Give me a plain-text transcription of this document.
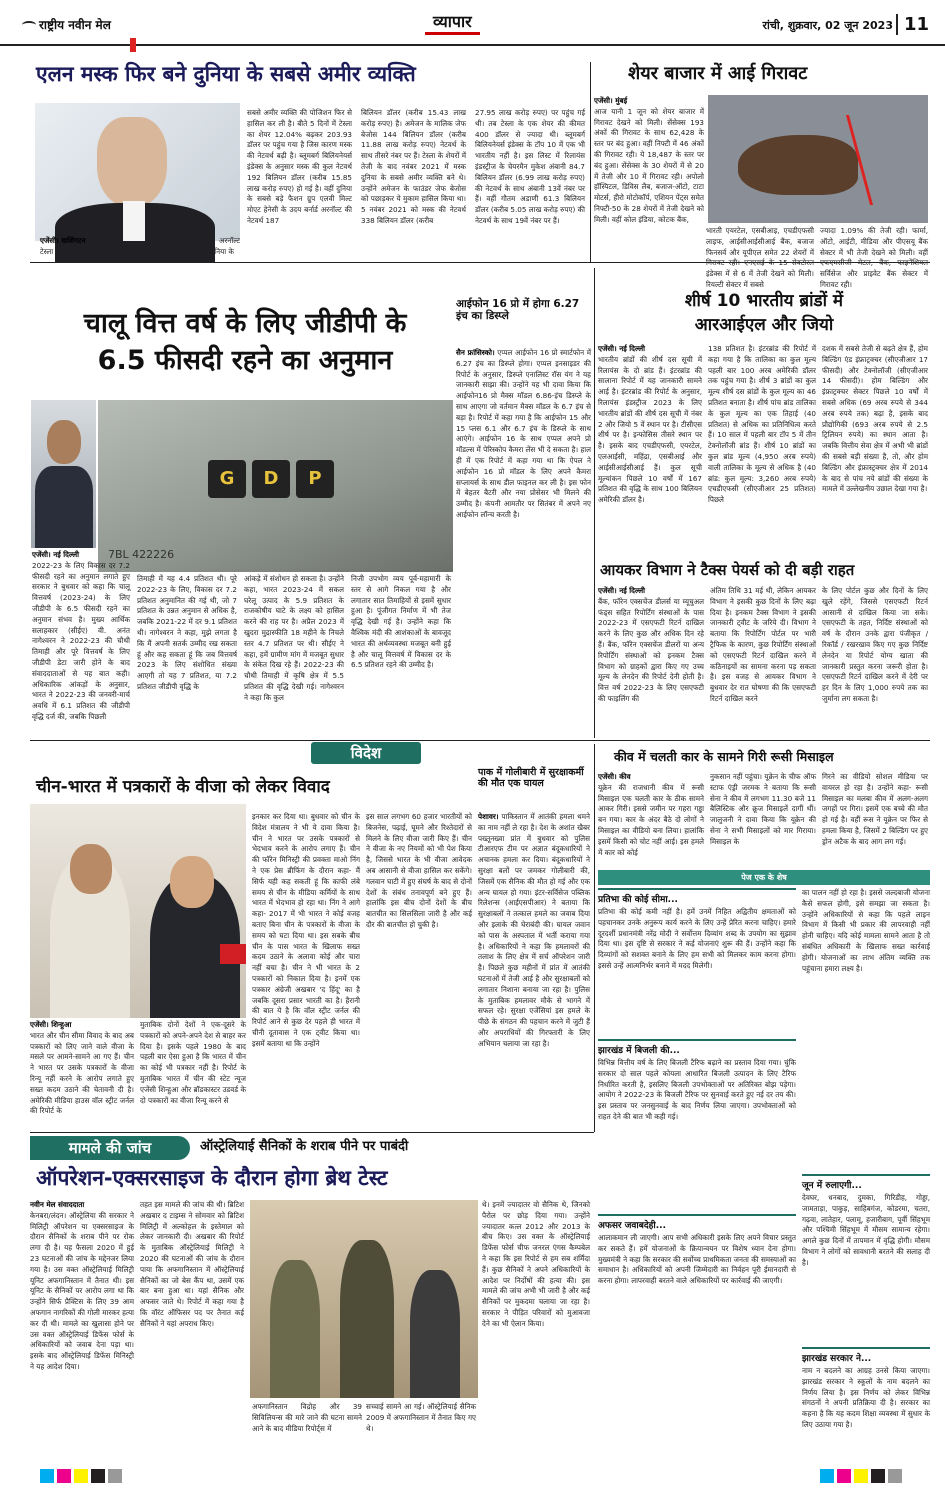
राष्ट्रीय नवीन मेल	व्यापार	रांची, शुक्रवार, 02 जून 2023 11
एलन मस्क फिर बने दुनिया के सबसे अमीर व्यक्ति
एजेंसी। वाशिंगटन
टेस्ला के फाउंडर एलन मस्क
ने फ्रांस के बर्नार्ड अरनॉल्ट को पीछे छोड़कर दुनिया के
सबसे अमीर व्यक्ति की पोजिशन फिर से हासिल कर ली है। बीते 5 दिनों में टेस्ला का शेयर 12.04% बढ़कर 203.93 डॉलर पर पहुंच गया है जिस कारण मस्क की नेटवर्थ बढ़ी है। ब्लूमबर्ग बिलियनेयर्स इंडेक्स के अनुसार मस्क की कुल नेटवर्थ 192 बिलियन डॉलर (करीब 15.85 लाख करोड़ रुपए) हो गई है। वहीं दुनिया के सबसे बड़े फैशन ग्रुप एलवी मिल्ट मोएट हेनेसी के उदय बर्नार्ड अरनॉल्ट की नेटवर्थ 187
बिलियन डॉलर (करीब 15.43 लाख करोड़ रुपए) है। अमेजन के मालिक जेफ बेजोस 144 बिलियन डॉलर (करीब 11.88 लाख करोड़ रुपए) नेटवर्थ के साथ तीसरे नंबर पर हैं। टेस्ला के शेयरों में तेजी के बाद नवंबर 2021 में मस्क दुनिया के सबसे अमीर व्यक्ति बने थे। उन्होंने अमेजन के फाउंडर जेफ बेजोस को पछाड़कर ये मुकाम हासिल किया था। 5 नवंबर 2021 को मस्क की नेटवर्थ 338 बिलियन डॉलर (करीब
27.95 लाख करोड़ रुपए) पर पहुंच गई थी। तब टेस्ला के एक शेयर की कीमत 400 डॉलर से ज्यादा थी। ब्लूमबर्ग बिलियनेयर्स इंडेक्स के टॉप 10 में एक भी भारतीय नहीं है। इस लिस्ट में रिलायंस इंडस्ट्रीज के चेयरमैन मुकेश अंबानी 84.7 बिलियन डॉलर (6.99 लाख करोड़ रुपए) की नेटवर्थ के साथ अंबानी 13वें नंबर पर हैं। वहीं गौतम अडाणी 61.3 बिलियन डॉलर (करीब 5.05 लाख करोड़ रुपए) की नेटवर्थ के साथ 19वें नंबर पर हैं।
शेयर बाजार में आई गिरावट
एजेंसी। मुंबई
आज यानी 1 जून को शेयर बाजार में गिरावट देखने को मिली। सेंसेक्स 193 अंकों की गिरावट के साथ 62,428 के स्तर पर बंद हुआ। वहीं निफ्टी में 46 अंकों की गिरावट रही। ये 18,487 के स्तर पर बंद हुआ। सेंसेक्स के 30 शेयरों में से 20 में तेजी और 10 में गिरावट रही। अपोलो हॉस्पिटल, डिविस लैब, बजाज-ऑटो, टाटा मोटर्स, हीरो मोटोकॉर्प, एशियन पेंट्स समेत निफ्टी-50 के 28 शेयरों में तेजी देखने को मिली। वहीं कोल इंडिया, कोटक बैंक,
भारती एयरटेल, एसबीआइ, एचडीएफसी लाइफ, आईसीआईसीआई बैंक, बजाज फिनसर्व और यूपीएल समेत 22 शेयरों में इंडेक्स में से 6 में तेजी देखने को मिली। रियल्टी सेक्टर में सबसे
ज्यादा 1.09% की तेजी रही। फार्मा, ऑटो, आईटी, मीडिया और पीएसयू बैंक सेक्टर में भी तेजी देखने को मिली। वहीं सर्विसेज और प्राइवेट बैंक सेक्टर में गिरावट रही।
चालू वित्त वर्ष के लिए जीडीपी के
6.5 फीसदी रहने का अनुमान
G D P
7BL 422226
एजेंसी। नई दिल्ली
2022-23 के लिए विकास दर 7.2 फीसदी रहने का अनुमान लगाते हुए सरकार ने बुधवार को कहा कि चालू वित्तवर्ष (2023-24) के लिए जीडीपी के 6.5 फीसदी रहने का अनुमान संभव है। मुख्य आर्थिक सलाहकार (सीईए) वी. अनंत नागेश्वरन ने 2022-23 की चौथी तिमाही और पूरे वित्तवर्ष के लिए जीडीपी डेटा जारी होने के बाद संवाददाताओं से यह बात कही। अधिकारिक आंकड़ों के अनुसार, भारत ने 2022-23 की जनवरी-मार्च अवधि में 6.1 प्रतिशत की जीडीपी वृद्धि दर्ज की, जबकि पिछली
तिमाही में यह 4.4 प्रतिशत थी। पूरे 2022-23 के लिए, विकास दर 7.2 प्रतिशत अनुमानित की गई थी, जो 7 प्रतिशत के उन्नत अनुमान से अधिक है, जबकि 2021-22 में दर 9.1 प्रतिशत थी। नागेश्वरन ने कहा, मुझे लगता है कि मैं अपनी सतर्क उम्मीद रख सकता हूं और कह सकता हूं कि जब वित्तवर्ष 2023 के लिए संशोधित संख्या आएगी तो यह 7 प्रतिशत, या 7.2 प्रतिशत जीडीपी वृद्धि के
आंकड़े में संशोधन हो सकता है। उन्होंने कहा, भारत 2023-24 में सकल घरेलू उत्पाद के 5.9 प्रतिशत के राजकोषीय घाटे के लक्ष्य को हासिल करने की राह पर है। अप्रैल 2023 में खुदरा मुद्रास्फीति 18 महीने के निचले स्तर 4.7 प्रतिशत पर थी। सीईए ने कहा, हमें ग्रामीण मांग में मजबूत सुधार के संकेत दिख रहे हैं। 2022-23 की चौथी तिमाही में कृषि क्षेत्र में 5.5 प्रतिशत की वृद्धि देखी गई। नागेश्वरन ने कहा कि कुल
निजी उपभोग व्यय पूर्व-महामारी के स्तर से आगे निकल गया है और लगातार सात तिमाहियों से इसमें सुधार हुआ है। पूंजीगत निर्माण में भी तेज वृद्धि देखी गई है। उन्होंने कहा कि वैश्विक मंदी की आशंकाओं के बावजूद भारत की अर्थव्यवस्था मजबूत बनी हुई है और चालू वित्तवर्ष में विकास दर के 6.5 प्रतिशत रहने की उम्मीद है।
आईफोन 16 प्रो में होगा 6.27 इंच का डिस्प्ले
सैन फ्रांसिस्को। एप्पल आईफोन 16 प्रो स्मार्टफोन में 6.27 इंच का डिस्प्ले होगा। एप्पल इनसाइडर की रिपोर्ट के अनुसार, डिस्प्ले एनालिस्ट रॉस यंग ने यह जानकारी साझा की। उन्होंने यह भी दावा किया कि आईफोन16 प्रो मैक्स मॉडल 6.86-इंच डिस्प्ले के साथ आएगा जो वर्तमान मैक्स मॉडल के 6.7 इंच से बड़ा है। रिपोर्ट में कहा गया है कि आईफोन 15 और 15 प्लस 6.1 और 6.7 इंच के डिस्प्ले के साथ आएंगे। आईफोन 16 के साथ एप्पल अपने प्रो मॉडल्स में पेरिस्कोप कैमरा लेंस भी दे सकता है। हाल ही में एक रिपोर्ट में कहा गया था कि ऐपल ने आईफोन 16 प्रो मॉडल के लिए अपने कैमरा सप्लायर्स के साथ डील फाइनल कर ली है। इस फोन में बेहतर बैटरी और नया प्रोसेसर भी मिलने की उम्मीद है। कंपनी आमतौर पर सितंबर में अपने नए आईफोन लॉन्च करती है।
शीर्ष 10 भारतीय ब्रांडों में
आरआईएल और जियो
एजेंसी। नई दिल्ली
भारतीय ब्रांडों की शीर्ष दस सूची में रिलायंस के दो ब्रांड हैं। इंटरब्रांड की सालाना रिपोर्ट में यह जानकारी सामने आई है। इंटरब्रांड की रिपोर्ट के अनुसार, रिलायंस इंडस्ट्रीज 2023 के लिए भारतीय ब्रांडों की शीर्ष दस सूची में नंबर 2 और जियो 5 वें स्थान पर है। टीसीएस शीर्ष पर है। इन्फोसिस तीसरे स्थान पर है। इसके बाद एचडीएफसी, एयरटेल, एलआईसी, महिंद्रा, एसबीआई और आईसीआईसीआई हैं। कुल सूची मूल्यांकन पिछले 10 वर्षों में 167 प्रतिशत की वृद्धि के साथ 100 बिलियन अमेरिकी डॉलर है।
138 प्रतिशत है। इंटरब्रांड की रिपोर्ट में कहा गया है कि तालिका का कुल मूल्य पहली बार 100 अरब अमेरिकी डॉलर तक पहुंच गया है। शीर्ष 3 ब्रांडों का कुल मूल्य शीर्ष दस ब्रांडों के कुल मूल्य का 46 प्रतिशत बनाता है। शीर्ष पांच ब्रांड तालिका के कुल मूल्य का एक तिहाई (40 प्रतिशत) से अधिक का प्रतिनिधित्व करते हैं। 10 साल में पहली बार टॉप 5 में तीन टेक्नोलॉजी ब्रांड हैं। शीर्ष 10 ब्रांडों का कुल ब्रांड मूल्य (4,950 अरब रुपये) वाली तालिका के मूल्य से अधिक है (40 ब्रांड: कुल मूल्य: 3,260 अरब रुपये) एचडीएफसी (सीएजीआर 25 प्रतिशत) पिछले
दशक में सबसे तेजी से बढ़ते क्षेत्र हैं, होम बिल्डिंग एंड इंफ्राट्रक्चर (सीएजीआर 17 फीसदी) और टेक्नोलॉजी (सीएजीआर 14 फीसदी)। होम बिल्डिंग और इंफ्राट्रक्चर सेक्टर पिछले 10 वर्षों में सबसे अधिक (69 अरब रुपये से 344 अरब रुपये तक) बढ़ा है, इसके बाद प्रौद्योगिकी (693 अरब रुपये से 2.5 ट्रिलियन रुपये) का स्थान आता है। जबकि वित्तीय सेवा क्षेत्र में अभी भी ब्रांडों की सबसे बड़ी संख्या है, तो, और होम बिल्डिंग और इंफ्रास्ट्रक्चर क्षेत्र में 2014 के बाद से पांच नये ब्रांडों की संख्या के मामले में उल्लेखनीय उछाल देखा गया है।
आयकर विभाग ने टैक्स पेयर्स को दी बड़ी राहत
एजेंसी। नई दिल्ली
बैंक, फॉरेन एक्सचेंज डीलर्स या म्यूचुअल फंड्स सहित रिपोर्टिंग संस्थाओं के पास 2022-23 में एसएफटी रिटर्न दाखिल करने के लिए कुछ और अधिक दिन रहे हैं। बैंक, फॉरेन एक्सचेंज डीलरों या अन्य रिपोर्टिंग संस्थाओं को इनकम टैक्स विभाग को ग्राहकों द्वारा किए गए उच्च मूल्य के लेनदेन की रिपोर्ट देनी होती है। वित्त वर्ष 2022-23 के लिए एसएफटी की फाइलिंग की
अंतिम तिथि 31 मई थी, लेकिन आयकर विभाग ने इसकी कुछ दिनों के लिए बढ़ा दिया है। इनकम टैक्स विभाग ने इसकी जानकारी ट्वीट के जरिये दी। विभाग ने बताया कि रिपोर्टिंग पोर्टल पर भारी ट्रैफिक के कारण, कुछ रिपोर्टिंग संस्थाओं को एसएफटी रिटर्न दाखिल करने में कठिनाइयों का सामना करना पड़ सकता है। इस वजह से आयकर विभाग ने बुधवार देर रात घोषणा की कि एसएफटी रिटर्न दाखिल करने
के लिए पोर्टल कुछ और दिनों के लिए खुले रहेंगे, जिससे एसएफटी रिटर्न आसानी से दाखिल किया जा सके। एसएफटी के तहत, निर्दिष्ट संस्थाओं को वर्ष के दौरान उनके द्वारा पंजीकृत / रिकॉर्ड / रखरखाव किए गए कुछ निर्दिष्ट लेनदेन या रिपोर्ट योग्य खाता की जानकारी प्रस्तुत करना जरूरी होता है। एसएफटी रिटर्न दाखिल करने में देरी पर हर दिन के लिए 1,000 रुपये तक का जुर्माना लग सकता है।
विदेश
चीन-भारत में पत्रकारों के वीजा को लेकर विवाद
एजेंसी। शिन्हुआ
भारत और चीन सीमा विवाद के बाद अब पत्रकारों को लिए जाने वाले वीजा के मसले पर आमने-सामने आ गए हैं। चीन ने भारत पर उसके पत्रकारों के वीजा रिन्यू नहीं करने के आरोप लगाते हुए सख्त कदम उठाने की चेतावनी दी है। अमेरिकी मीडिया हाउस वॉल स्ट्रीट जर्नल की रिपोर्ट के
मुताबिक दोनों देशों ने एक-दूसरे के पत्रकारों को अपने-अपने देश से बाहर कर दिया है। इसके पहले 1980 के बाद पहली बार ऐसा हुआ है कि भारत में चीन का कोई भी पत्रकार नहीं है। रिपोर्ट के मुताबिक भारत में चीन की स्टेट न्यूज एजेंसी शिन्हुआ और ब्रॉडकास्टर उडवर्ड के दो पत्रकारों का वीजा रिन्यू करने से
इनकार कर दिया था। बुधवार को चीन के विदेश मंत्रालय ने भी ये दावा किया है। चीन ने भारत पर उसके पत्रकारों से भेदभाव करने के आरोप लगाए हैं। चीन की फॉरेन मिनिस्ट्री की प्रवक्ता माओ निंग ने एक प्रेस ब्रीफिंग के दौरान कहा- मैं सिर्फ यही कह सकती हूं कि काफी लंबे समय से चीन के मीडिया कर्मियों के साथ भारत में भेदभाव हो रहा था। निंग ने आगे कहा- 2017 में भी भारत ने कोई वजह बताए बिना चीन के पत्रकारों के वीजा के समय को घटा दिया था। इस सबके बीच चीन के पास भारत के खिलाफ सख्त कदम उठाने के अलावा कोई और चारा नहीं बचा है। चीन ने भी भारत के 2 पत्रकारों को निकाल दिया है। इनमें एक पत्रकार अंग्रेजी अखबार 'द हिंदू' का है जबकि दूसरा प्रसार भारती का है। हैरानी की बात ये है कि वॉल स्ट्रीट जर्नल की रिपोर्ट आने से कुछ देर पहले ही भारत में चीनी दूतावास ने एक ट्वीट किया था। इसमें बताया था कि उन्होंने
इस साल लगभग 60 हजार भारतीयों को बिजनेस, पढ़ाई, घूमने और रिश्तेदारों से मिलने के लिए वीजा जारी किए हैं। चीन ने वीजा के नए नियमों को भी पेश किया है, जिससे भारत के भी वीजा आवेदक अब आसानी से वीजा हासिल कर सकेंगे। गलवान घाटी में हुए संघर्ष के बाद से दोनों देशों के संबंध तनावपूर्ण बने हुए हैं। हालांकि इस बीच दोनों देशों के बीच बातचीत का सिलसिला जारी है और कई दौर की बातचीत हो चुकी है।
पाक में गोलीबारी में सुरक्षाकर्मी की मौत एक घायल
पेशावर। पाकिस्तान में आतंकी हमला थमने का नाम नहीं ले रहा है। देश के अशांत खैबर पख्तूनख्वा प्रांत में बुधवार को पुलिस टीआरएफ टीम पर अज्ञात बंदूकधारियों ने अचानक हमला कर दिया। बंदूकधारियों ने सुरक्षा बलों पर जमकर गोलीबारी की, जिसमें एक सैनिक की मौत हो गई और एक अन्य घायल हो गया। इंटर-सर्विसेज पब्लिक रिलेशन्स (आईएसपीआर) ने बताया कि सुरक्षाबलों ने तत्काल हमले का जवाब दिया और इलाके की घेराबंदी की। घायल जवान को पास के अस्पताल में भर्ती कराया गया है। अधिकारियों ने कहा कि हमलावरों की तलाश के लिए क्षेत्र में सर्च ऑपरेशन जारी है। पिछले कुछ महीनों में प्रांत में आतंकी घटनाओं में तेजी आई है और सुरक्षाबलों को लगातार निशाना बनाया जा रहा है। पुलिस के मुताबिक हमलावर मौके से भागने में सफल रहे। सुरक्षा एजेंसियां इस हमले के पीछे के संगठन की पहचान करने में जुटी हैं और अपराधियों की गिरफ्तारी के लिए अभियान चलाया जा रहा है।
कीव में चलती कार के सामने गिरी रूसी मिसाइल
एजेंसी। कीव
यूक्रेन की राजधानी कीव में रूसी मिसाइल एक चलती कार के ठीक सामने आकर गिरी। इससे जमीन पर गहरा गड्ढा बन गया। कार के अंदर बैठे दो लोगों ने मिसाइल का वीडियो बना लिया। हालांकि इसमें किसी को चोट नहीं आई। इस हमले में कार को कोई
नुकसान नहीं पहुंचा। यूक्रेन के चीफ ऑफ स्टाफ एंड्री जरमक ने बताया कि रूसी सेना ने कीव में लगभग 11.30 बजे 11 बैलिस्टिक और क्रूज मिसाइलें दागीं थीं। जालुजनी ने दावा किया कि यूक्रेन की सेना ने सभी मिसाइलों को मार गिराया। मिसाइल के
गिरने का वीडियो सोशल मीडिया पर वायरल हो रहा है। उन्होंने कहा- रूसी मिसाइल का मलबा कीव में अलग-अलग जगहों पर गिरा। इसमें एक बच्चे की मौत हो गई है। वहीं रूस ने यूक्रेन पर फिर से हमला किया है, जिसमें 2 बिल्डिंग पर हुए ड्रोन अटैक के बाद आग लग गई।
पेज एक के शेष
प्रतिभा की कोई सीमा...
प्रतिभा की कोई कमी नहीं है। हमें उनमें निहित अद्वितीय क्षमताओं को पहचानकर उनके अनुरूप कार्य करने के लिए उन्हें प्रेरित करना चाहिए। हमारे दूरदर्शी प्रधानमंत्री नरेंद्र मोदी ने सर्वोत्तम दिव्यांग शब्द के उपयोग का सुझाव दिया था। इस दृष्टि से सरकार ने कई योजनाएं शुरू की हैं। उन्होंने कहा कि दिव्यांगों को सशक्त बनाने के लिए हम सभी को मिलकर काम करना होगा। इससे उन्हें आत्मनिर्भर बनाने में मदद मिलेगी।
झारखंड में बिजली की...
विभिन्न वित्तीय वर्ष के लिए बिजली टैरिफ बढ़ाने का प्रस्ताव दिया गया। चुंकि सरकार दो साल पहले कोयला आधारित बिजली उत्पादन के लिए टैरिफ निर्धारित करती है, इसलिए बिजली उपभोक्ताओं पर अतिरिक्त बोझ पड़ेगा। आयोग ने 2022-23 के बिजली टैरिफ पर सुनवाई करते हुए नई दर तय की। इस प्रस्ताव पर जनसुनवाई के बाद निर्णय लिया जाएगा। उपभोक्ताओं को राहत देने की बात भी कही गई।
अफसर जवाबदेही...
आलाकमान ली जाएगी। आप सभी अधिकारी इसके लिए अपने विचार प्रस्तुत कर सकते हैं। हमें योजनाओं के क्रियान्वयन पर विशेष ध्यान देना होगा। मुख्यमंत्री ने कहा कि सरकार की सर्वोच्च प्राथमिकता जनता की समस्याओं का समाधान है। अधिकारियों को अपनी जिम्मेदारी का निर्वहन पूरी ईमानदारी से करना होगा। लापरवाही बरतने वाले अधिकारियों पर कार्रवाई की जाएगी।
का पालन नहीं हो रहा है। इससे जल्दबाजी योजना कैसे सफल होगी, इसे समझा जा सकता है। उन्होंने अधिकारियों से कहा कि पहले लाइन विभाग में किसी भी प्रकार की लापरवाही नहीं होनी चाहिए। यदि कोई मामला सामने आता है तो संबंधित अधिकारी के खिलाफ सख्त कार्रवाई होगी। योजनाओं का लाभ अंतिम व्यक्ति तक पहुंचाना हमारा लक्ष्य है।
जून में रुलाएगी...
देवघर, धनबाद, दुमका, गिरिडीह, गोड्डा, जामताड़ा, पाकुड़, साहिबगंज, कोडरमा, चतरा, गढ़वा, लातेहार, पलामू, हजारीबाग, पूर्वी सिंहभूम और पश्चिमी सिंहभूम में मौसम सामान्य रहेगा। अगले कुछ दिनों में तापमान में वृद्धि होगी। मौसम विभाग ने लोगों को सावधानी बरतने की सलाह दी है।
झारखंड सरकार ने...
नाम न बदलने का आग्रह उनसे किया जाएगा। झारखंड सरकार ने स्कूलों के नाम बदलने का निर्णय लिया है। इस निर्णय को लेकर विभिन्न संगठनों ने अपनी प्रतिक्रिया दी है। सरकार का कहना है कि यह कदम शिक्षा व्यवस्था में सुधार के लिए उठाया गया है।
मामले की जांच	ऑस्ट्रेलियाई सैनिकों के शराब पीने पर पाबंदी
ऑपरेशन-एक्सरसाइज के दौरान होगा ब्रेथ टेस्ट
नवीन मेल संवाददाता
केनबरा/लंदन। ऑस्ट्रेलिया की सरकार ने मिलिट्री ऑपरेशन या एक्सरसाइज के दौरान सैनिकों के शराब पीने पर रोक लगा दी है। यह फैसला 2020 में हुई 23 घटनाओं की जांच के मद्देनजर लिया गया है। उस वक्त ऑस्ट्रेलियाई मिलिट्री यूनिट अफगानिस्तान में तैनात थी। इस यूनिट के सैनिकों पर आरोप लगा था कि उन्होंने सिर्फ प्रैक्टिस के लिए 39 आम अफगान नागरिकों की गोली मारकर हत्या कर दी थी। मामले का खुलासा होने पर उस वक्त ऑस्ट्रेलियाई डिफेंस फोर्स के अधिकारियों को जवाब देना पड़ा था। इसके बाद ऑस्ट्रेलियाई डिफेंस मिनिस्ट्री ने यह आदेश दिया।
तहत इस मामले की जांच की थी। ब्रिटिश अखबार द टाइम्स ने सोमवार को ब्रिटिश मिलिट्री में अल्कोहल के इस्तेमाल को लेकर जानकारी दी। अखबार की रिपोर्ट के मुताबिक ऑस्ट्रेलियाई मिलिट्री ने 2020 की घटनाओं की जांच के दौरान पाया कि अफगानिस्तान में ऑस्ट्रेलियाई सैनिकों का जो बेस कैंप था, उसमें एक बार बना हुआ था। यहां सैनिक और अफसर जाते थे। रिपोर्ट में कहा गया है कि वॉरंट ऑफिसर पद पर तैनात कई सैनिकों ने यहां अपराध किए।
अफगानिस्तान विद्रोह और 39 सिविलियन्स की मारे जाने की घटना सामने आने के बाद मीडिया रिपोर्ट्स में
सच्चाई सामने आ गई। ऑस्ट्रेलियाई सैनिक 2009 में अफगानिस्तान में तैनात किए गए थे।
थे। इनमें ज्यादातर वो सैनिक थे, जिनको पैरोल पर छोड़ दिया गया। उन्होंने ज्यादातर कत्ल 2012 और 2013 के बीच किए। उस वक्त के ऑस्ट्रेलियाई डिफेंस फोर्स चीफ जनरल एंगस कैम्पबेल ने कहा कि इस रिपोर्ट से हम सब शर्मिंदा हैं। कुछ सैनिकों ने अपने अधिकारियों के आदेश पर निर्दोषों की हत्या की। इस मामले की जांच अभी भी जारी है और कई सैनिकों पर मुकदमा चलाया जा रहा है। सरकार ने पीड़ित परिवारों को मुआवजा देने का भी ऐलान किया।
